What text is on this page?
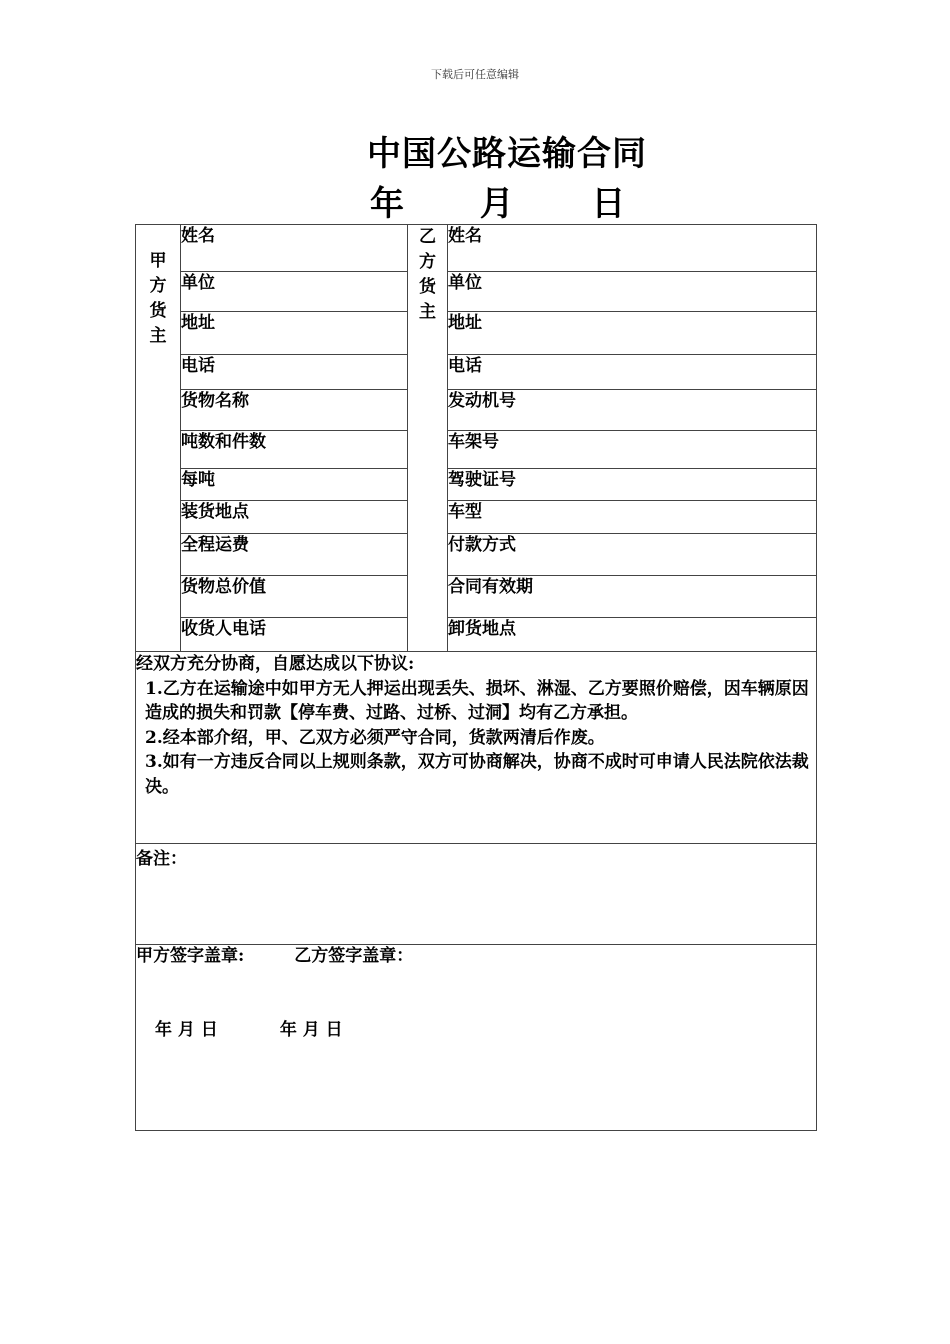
下载后可任意编辑
中国公路运输合同
年 月 日
甲方货主	姓名	乙方货主	姓名
	单位		单位
	地址		地址
	电话		电话
	货物名称		发动机号
	吨数和件数		车架号
	每吨		驾驶证号
	装货地点		车型
	全程运费		付款方式
	货物总价值		合同有效期
	收货人电话		卸货地点

经双方充分协商，自愿达成以下协议:

1.乙方在运输途中如甲方无人押运出现丢失、损坏、淋湿、乙方要照价赔偿，因车辆原因造成的损失和罚款【停车费、过路、过桥、过洞】均有乙方承担。

2.经本部介绍，甲、乙双方必须严守合同，货款两清后作废。

3.如有一方违反合同以上规则条款，双方可协商解决，协商不成时可申请人民法院依法裁决。			

备注：			

甲方签字盖章: 乙方签字盖章：
年 月 日 年 月 日			
